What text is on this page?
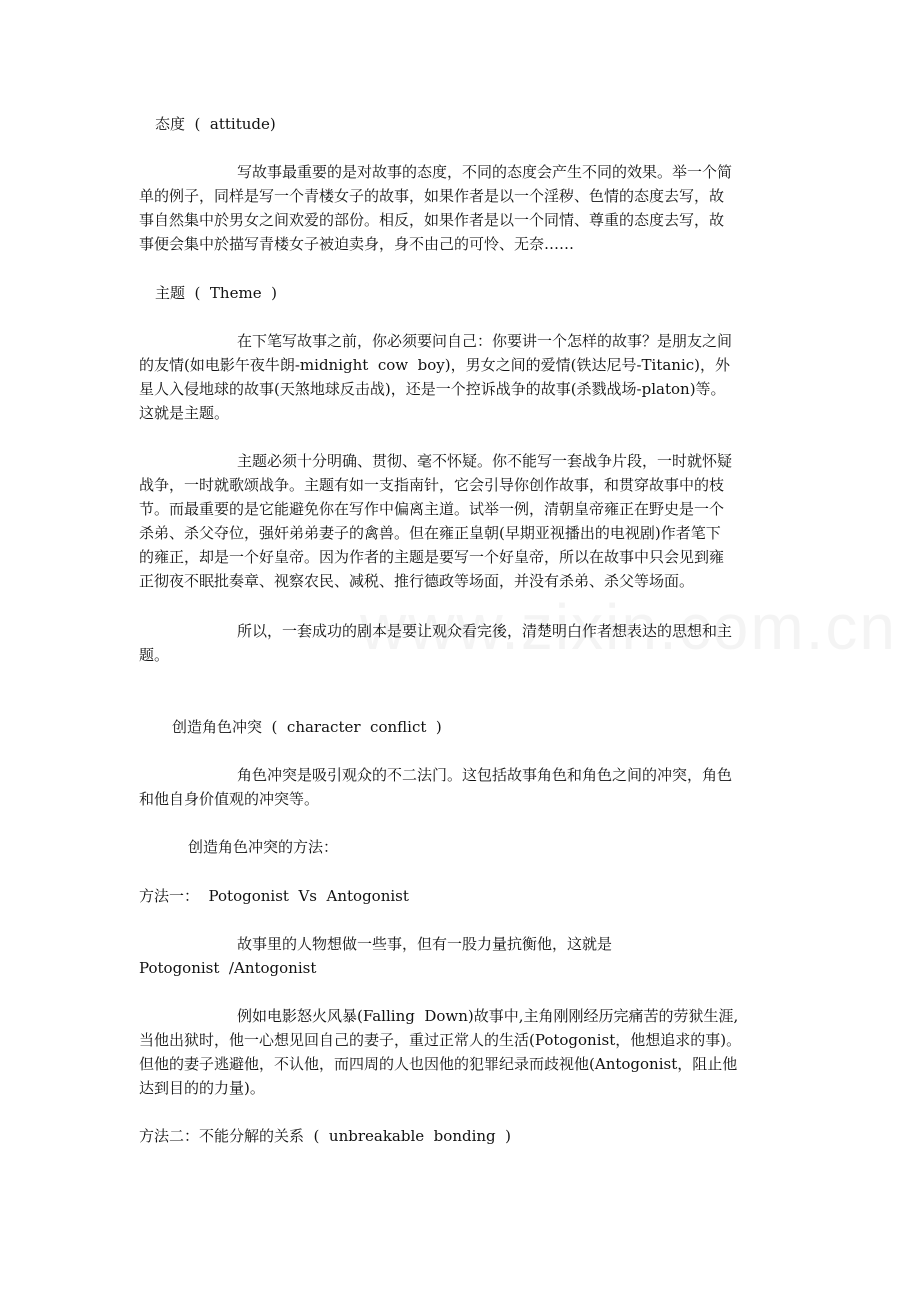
态度  (  attitude)
写故事最重要的是对故事的态度，不同的态度会产生不同的效果。举一个简
单的例子，同样是写一个青楼女子的故事，如果作者是以一个淫秽、色情的态度去写，故
事自然集中於男女之间欢爱的部份。相反，如果作者是以一个同情、尊重的态度去写，故
事便会集中於描写青楼女子被迫卖身，身不由己的可怜、无奈……
主题  (  Theme  )
在下笔写故事之前，你必须要问自己：你要讲一个怎样的故事？是朋友之间
的友情(如电影午夜牛朗-midnight  cow  boy)，男女之间的爱情(铁达尼号-Titanic)，外
星人入侵地球的故事(天煞地球反击战)，还是一个控诉战争的故事(杀戮战场-platon)等。
这就是主题。
主题必须十分明确、贯彻、毫不怀疑。你不能写一套战争片段，一时就怀疑
战争，一时就歌颂战争。主题有如一支指南针，它会引导你创作故事，和贯穿故事中的枝
节。而最重要的是它能避免你在写作中偏离主道。试举一例，清朝皇帝雍正在野史是一个
杀弟、杀父夺位，强奸弟弟妻子的禽兽。但在雍正皇朝(早期亚视播出的电视剧)作者笔下
的雍正，却是一个好皇帝。因为作者的主题是要写一个好皇帝，所以在故事中只会见到雍
正彻夜不眠批奏章、视察农民、减税、推行德政等场面，并没有杀弟、杀父等场面。
所以，一套成功的剧本是要让观众看完後，清楚明白作者想表达的思想和主
题。
创造角色冲突  (  character  conflict  )
角色冲突是吸引观众的不二法门。这包括故事角色和角色之间的冲突，角色
和他自身价值观的冲突等。
创造角色冲突的方法：
方法一：  Potogonist  Vs  Antogonist
故事里的人物想做一些事，但有一股力量抗衡他，这就是
Potogonist  /Antogonist
例如电影怒火风暴(Falling  Down)故事中,主角刚刚经历完痛苦的劳狱生涯,
当他出狱时，他一心想见回自己的妻子，重过正常人的生活(Potogonist，他想追求的事)。
但他的妻子逃避他，不认他，而四周的人也因他的犯罪纪录而歧视他(Antogonist，阻止他
达到目的的力量)。
方法二：不能分解的关系  (  unbreakable  bonding  )
